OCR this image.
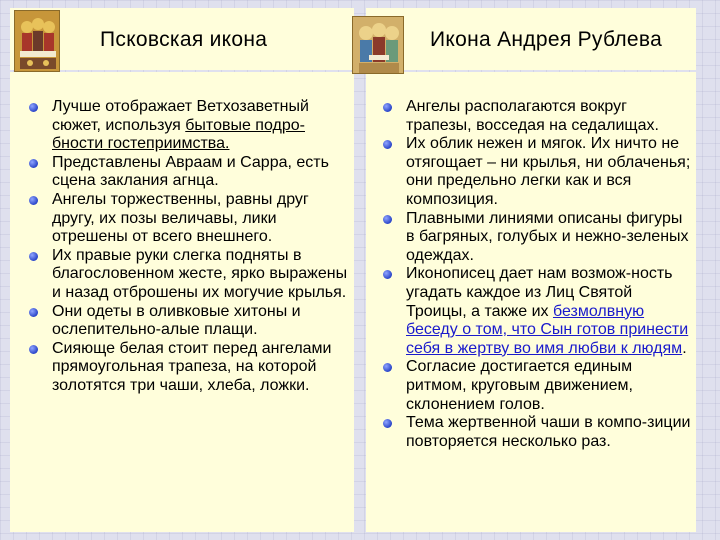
Псковская икона	Икона Андрея Рублева
Лучше отображает Ветхозаветный сюжет, используя бытовые подро-бности гостеприимства.
Представлены Авраам и Сарра, есть сцена заклания агнца.
Ангелы торжественны, равны друг другу, их позы величавы, лики отрешены от всего внешнего.
Их правые руки слегка подняты в благословенном жесте, ярко выражены и назад отброшены их могучие крылья.
Они одеты в оливковые хитоны и ослепительно-алые плащи.
Сияюще белая стоит перед ангелами прямоугольная трапеза, на которой золотятся три чаши, хлеба, ложки.
Ангелы располагаются вокруг трапезы, восседая на седалищах.
Их облик нежен и мягок. Их ничто не отягощает – ни крылья, ни облаченья; они предельно легки как и вся композиция.
Плавными линиями описаны фигуры в багряных, голубых и нежно-зеленых одеждах.
Иконописец дает нам возмож-ность угадать каждое из Лиц Святой Троицы, а также их безмолвную беседу о том, что Сын готов принести себя в жертву во имя любви к людям.
Согласие достигается единым ритмом, круговым движением, склонением голов.
Тема жертвенной чаши в компо-зиции повторяется несколько раз.
